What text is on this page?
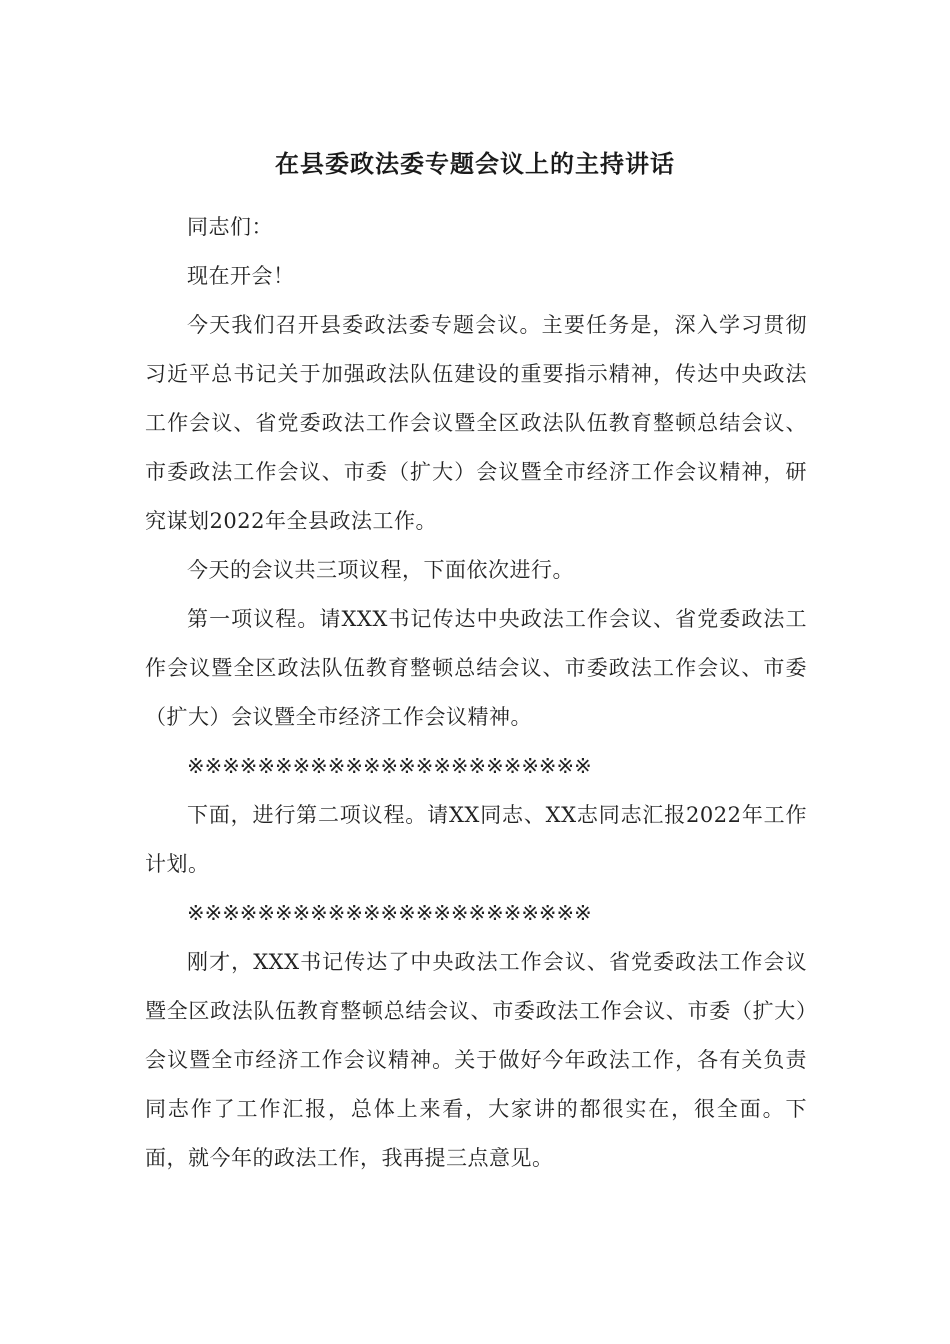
在县委政法委专题会议上的主持讲话

同志们：

现在开会！

今天我们召开县委政法委专题会议。主要任务是，深入学习贯彻习近平总书记关于加强政法队伍建设的重要指示精神，传达中央政法工作会议、省党委政法工作会议暨全区政法队伍教育整顿总结会议、市委政法工作会议、市委（扩大）会议暨全市经济工作会议精神，研究谋划2022年全县政法工作。

今天的会议共三项议程，下面依次进行。

第一项议程。请XXX书记传达中央政法工作会议、省党委政法工作会议暨全区政法队伍教育整顿总结会议、市委政法工作会议、市委（扩大）会议暨全市经济工作会议精神。

※※※※※※※※※※※※※※※※※※※※※※※

下面，进行第二项议程。请XX同志、XX志同志汇报2022年工作计划。

※※※※※※※※※※※※※※※※※※※※※※※

刚才，XXX书记传达了中央政法工作会议、省党委政法工作会议暨全区政法队伍教育整顿总结会议、市委政法工作会议、市委（扩大）会议暨全市经济工作会议精神。关于做好今年政法工作，各有关负责同志作了工作汇报，总体上来看，大家讲的都很实在，很全面。下面，就今年的政法工作，我再提三点意见。
